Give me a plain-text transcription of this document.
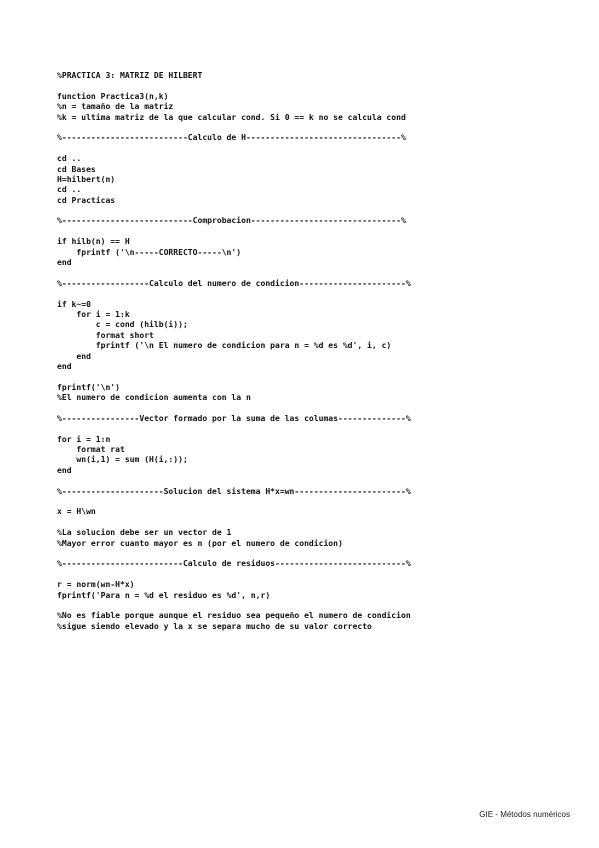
%PRACTICA 3: MATRIZ DE HILBERT
function Practica3(n,k)
%n = tamaño de la matriz
%k = ultima matriz de la que calcular cond. Si 0 == k no se calcula cond
%--------------------------Calculo de H--------------------------------%
cd ..
cd Bases
H=hilbert(n)
cd ..
cd Practicas
%---------------------------Comprobacion-------------------------------%
if hilb(n) == H
fprintf ('\n-----CORRECTO-----\n')
end
%------------------Calculo del numero de condicion----------------------%
if k~=0
for i = 1:k
c = cond (hilb(i));
format short
fprintf ('\n El numero de condicion para n = %d es %d', i, c)
end
end
fprintf('\n')
%El numero de condicion aumenta con la n
%----------------Vector formado por la suma de las columas--------------%
for i = 1:n
format rat
wn(i,1) = sum (H(i,:));
end
%---------------------Solucion del sistema H*x=wn-----------------------%
x = H\wn
%La solucion debe ser un vector de 1
%Mayor error cuanto mayor es n (por el numero de condicion)
%-------------------------Calculo de residuos---------------------------%
r = norm(wn-H*x)
fprintf('Para n = %d el residuo es %d', n,r)
%No es fiable porque aunque el residuo sea pequeño el numero de condicion
%sigue siendo elevado y la x se separa mucho de su valor correcto
GIE - Métodos numéricos
